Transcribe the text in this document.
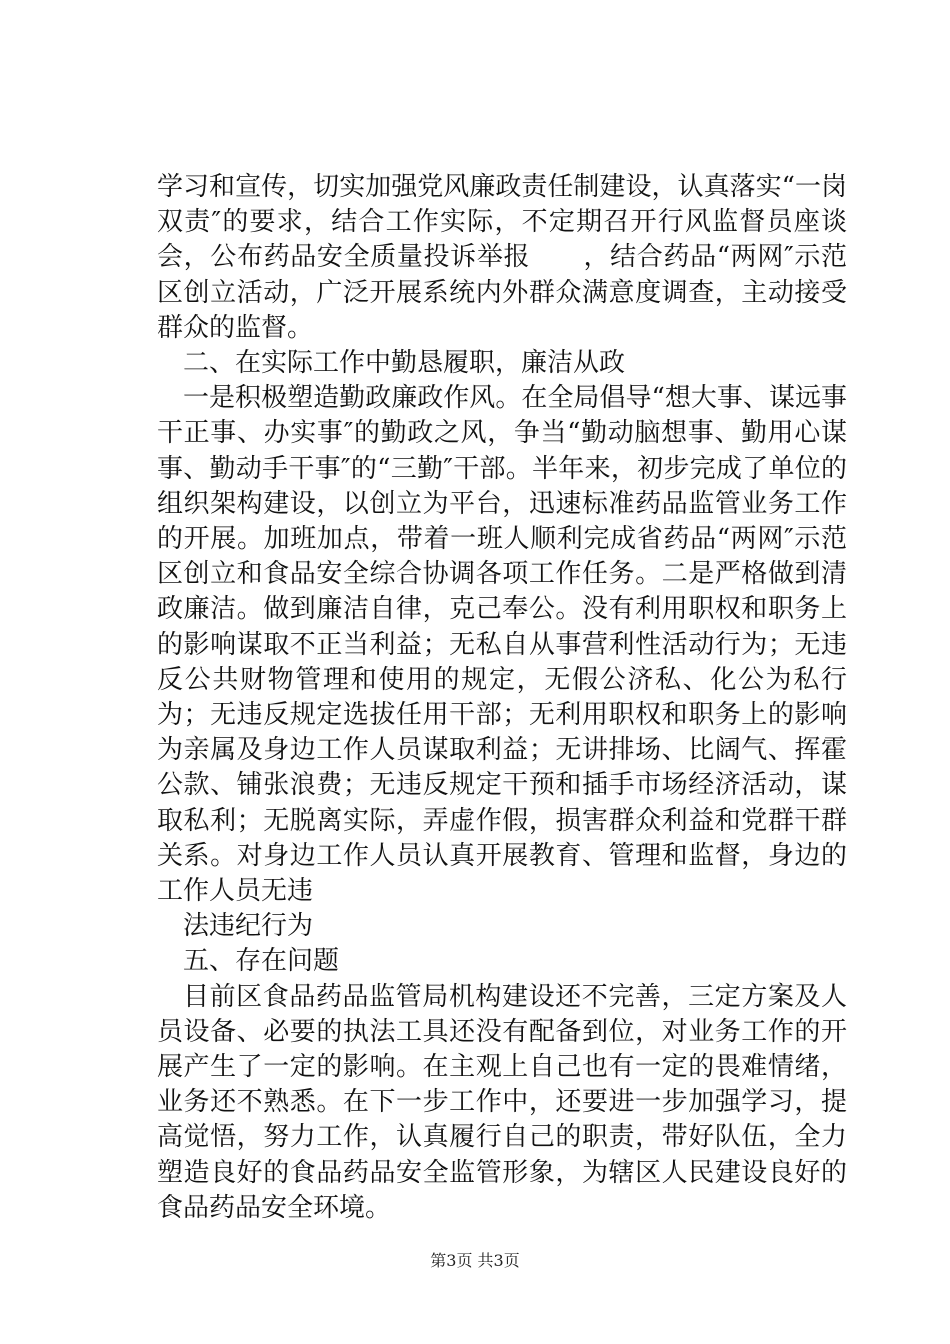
学习和宣传，切实加强党风廉政责任制建设，认真落实“一岗双责″的要求，结合工作实际，不定期召开行风监督员座谈会，公布药品安全质量投诉举报　　，结合药品“两网″示范区创立活动，广泛开展系统内外群众满意度调查，主动接受群众的监督。

二、在实际工作中勤恳履职，廉洁从政

一是积极塑造勤政廉政作风。在全局倡导“想大事、谋远事干正事、办实事″的勤政之风，争当“勤动脑想事、勤用心谋事、勤动手干事″的“三勤″干部。半年来，初步完成了单位的组织架构建设，以创立为平台，迅速标准药品监管业务工作的开展。加班加点，带着一班人顺利完成省药品“两网″示范区创立和食品安全综合协调各项工作任务。二是严格做到清政廉洁。做到廉洁自律，克己奉公。没有利用职权和职务上的影响谋取不正当利益；无私自从事营利性活动行为；无违反公共财物管理和使用的规定，无假公济私、化公为私行为；无违反规定选拔任用干部；无利用职权和职务上的影响为亲属及身边工作人员谋取利益；无讲排场、比阔气、挥霍公款、铺张浪费；无违反规定干预和插手市场经济活动，谋取私利；无脱离实际，弄虚作假，损害群众利益和党群干群关系。对身边工作人员认真开展教育、管理和监督，身边的工作人员无违

法违纪行为

五、存在问题

目前区食品药品监管局机构建设还不完善，三定方案及人员设备、必要的执法工具还没有配备到位，对业务工作的开展产生了一定的影响。在主观上自己也有一定的畏难情绪，业务还不熟悉。在下一步工作中，还要进一步加强学习，提高觉悟，努力工作，认真履行自己的职责，带好队伍，全力塑造良好的食品药品安全监管形象，为辖区人民建设良好的食品药品安全环境。

第3页 共3页
